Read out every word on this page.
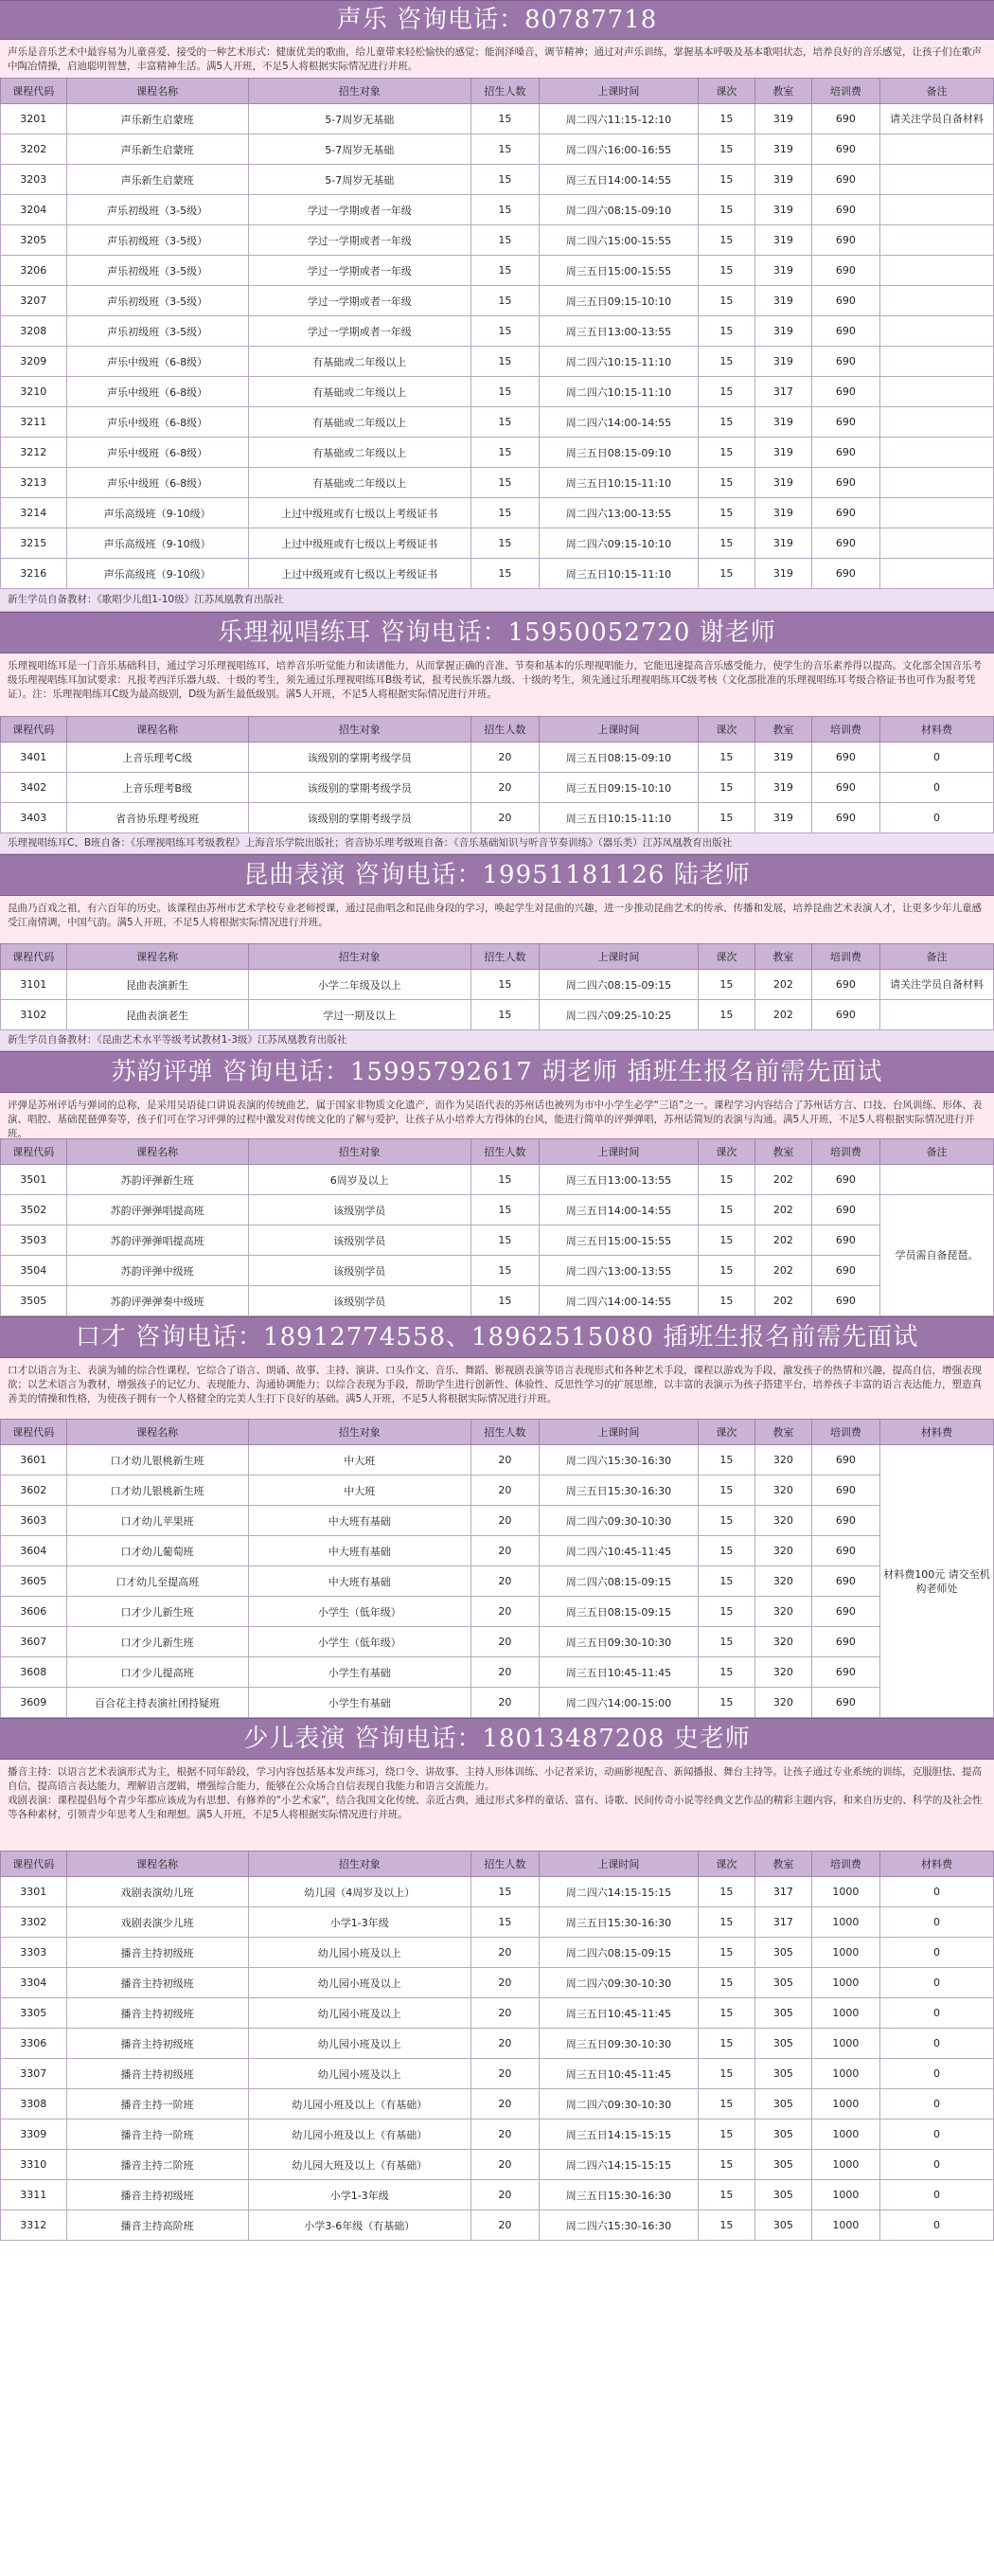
声乐 咨询电话：80787718
声乐是音乐艺术中最容易为儿童喜爱、接受的一种艺术形式：健康优美的歌曲，给儿童带来轻松愉快的感觉；能润泽嗓音，调节精神；通过对声乐训练，掌握基本呼吸及基本歌唱状态，培养良好的音乐感觉，让孩子们在歌声中陶冶情操，启迪聪明智慧，丰富精神生活。满5人开班，不足5人将根据实际情况进行并班。
课程代码	课程名称	招生对象	招生人数	上课时间	课次	教室	培训费	备注
3201	声乐新生启蒙班	5-7周岁无基础	15	周二四六11:15-12:10	15	319	690	请关注学员自备材料
3202	声乐新生启蒙班	5-7周岁无基础	15	周二四六16:00-16:55	15	319	690	
3203	声乐新生启蒙班	5-7周岁无基础	15	周三五日14:00-14:55	15	319	690	
3204	声乐初级班（3-5级）	学过一学期或者一年级	15	周二四六08:15-09:10	15	319	690	
3205	声乐初级班（3-5级）	学过一学期或者一年级	15	周二四六15:00-15:55	15	319	690	
3206	声乐初级班（3-5级）	学过一学期或者一年级	15	周三五日15:00-15:55	15	319	690	
3207	声乐初级班（3-5级）	学过一学期或者一年级	15	周三五日09:15-10:10	15	319	690	
3208	声乐初级班（3-5级）	学过一学期或者一年级	15	周三五日13:00-13:55	15	319	690	
3209	声乐中级班（6-8级）	有基础或二年级以上	15	周二四六10:15-11:10	15	319	690	
3210	声乐中级班（6-8级）	有基础或二年级以上	15	周二四六10:15-11:10	15	317	690	
3211	声乐中级班（6-8级）	有基础或二年级以上	15	周二四六14:00-14:55	15	319	690	
3212	声乐中级班（6-8级）	有基础或二年级以上	15	周三五日08:15-09:10	15	319	690	
3213	声乐中级班（6-8级）	有基础或二年级以上	15	周三五日10:15-11:10	15	319	690	
3214	声乐高级班（9-10级）	上过中级班或有七级以上考级证书	15	周二四六13:00-13:55	15	319	690	
3215	声乐高级班（9-10级）	上过中级班或有七级以上考级证书	15	周二四六09:15-10:10	15	319	690	
3216	声乐高级班（9-10级）	上过中级班或有七级以上考级证书	15	周三五日10:15-11:10	15	319	690	
新生学员自备教材：《歌唱少儿组1-10级》江苏凤凰教育出版社
乐理视唱练耳 咨询电话：15950052720 谢老师
乐理视唱练耳是一门音乐基础科目，通过学习乐理视唱练耳，培养音乐听觉能力和读谱能力，从而掌握正确的音准、节奏和基本的乐理视唱能力，它能迅速提高音乐感受能力，使学生的音乐素养得以提高。文化部全国音乐考级乐理视唱练耳加试要求：凡报考西洋乐器九级、十级的考生，须先通过乐理视唱练耳B级考试，报考民族乐器九级、十级的考生，须先通过乐理视唱练耳C级考核（文化部批准的乐理视唱练耳考级合格证书也可作为报考凭证）。注：乐理视唱练耳C级为最高级别，D级为新生最低级别。满5人开班，不足5人将根据实际情况进行并班。
课程代码	课程名称	招生对象	招生人数	上课时间	课次	教室	培训费	材料费
3401	上音乐理考C级	该级别的掌期考级学员	20	周三五日08:15-09:10	15	319	690	0
3402	上音乐理考B级	该级别的掌期考级学员	20	周三五日09:15-10:10	15	319	690	0
3403	省音协乐理考级班	该级别的掌期考级学员	20	周三五日10:15-11:10	15	319	690	0
乐理视唱练耳C、B班自备：《乐理视唱练耳考级教程》上海音乐学院出版社；省音协乐理考级班自备：《音乐基础知识与听音节奏训练》（器乐类）江苏凤凰教育出版社
昆曲表演 咨询电话：19951181126 陆老师
昆曲乃百戏之祖，有六百年的历史。该课程由苏州市艺术学校专业老师授课，通过昆曲唱念和昆曲身段的学习，唤起学生对昆曲的兴趣，进一步推动昆曲艺术的传承、传播和发展，培养昆曲艺术表演人才，让更多少年儿童感受江南情调，中国气韵。满5人开班，不足5人将根据实际情况进行并班。
课程代码	课程名称	招生对象	招生人数	上课时间	课次	教室	培训费	备注
3101	昆曲表演新生	小学二年级及以上	15	周二四六08:15-09:15	15	202	690	请关注学员自备材料
3102	昆曲表演老生	学过一期及以上	15	周二四六09:25-10:25	15	202	690	
新生学员自备教材：《昆曲艺术水平等级考试教材1-3级》江苏凤凰教育出版社
苏韵评弹 咨询电话：15995792617 胡老师 插班生报名前需先面试
评弹是苏州评话与弹词的总称，是采用吴语徒口讲说表演的传统曲艺，属于国家非物质文化遗产，而作为吴语代表的苏州话也被列为市中小学生必学“三语”之一。课程学习内容结合了苏州话方言、口技、台风训练、形体、表演、唱腔、基础琵琶弹奏等，孩子们可在学习评弹的过程中激发对传统文化的了解与爱护，让孩子从小培养大方得体的台风，能进行简单的评弹弹唱，苏州话简短的表演与沟通。满5人开班，不足5人将根据实际情况进行并班。
课程代码	课程名称	招生对象	招生人数	上课时间	课次	教室	培训费	备注
3501	苏韵评弹新生班	6周岁及以上	15	周三五日13:00-13:55	15	202	690	
3502	苏韵评弹弹唱提高班	该级别学员	15	周三五日14:00-14:55	15	202	690	学员需自备琵琶。
3503	苏韵评弹弹唱提高班	该级别学员	15	周三五日15:00-15:55	15	202	690	
3504	苏韵评弹中级班	该级别学员	15	周二四六13:00-13:55	15	202	690	
3505	苏韵评弹弹奏中级班	该级别学员	15	周二四六14:00-14:55	15	202	690	
口才 咨询电话：18912774558、18962515080 插班生报名前需先面试
口才以语言为主、表演为辅的综合性课程，它综合了语言、朗诵、故事、主持、演讲、口头作文、音乐、舞蹈、影视剧表演等语言表现形式和各种艺术手段，课程以游戏为手段，激发孩子的热情和兴趣，提高自信，增强表现欲；以艺术语言为教材，增强孩子的记忆力、表现能力、沟通协调能力；以综合表现为手段，帮助学生进行创新性、体验性、反思性学习的扩展思维，以丰富的表演示为孩子搭建平台，培养孩子丰富的语言表达能力，塑造真善美的情操和性格，为使孩子拥有一个人格健全的完美人生打下良好的基础。满5人开班，不足5人将根据实际情况进行并班。
课程代码	课程名称	招生对象	招生人数	上课时间	课次	教室	培训费	材料费
3601	口才幼儿银桃新生班	中大班	20	周二四六15:30-16:30	15	320	690	材料费100元 请交至机构老师处
3602	口才幼儿银桃新生班	中大班	20	周三五日15:30-16:30	15	320	690	
3603	口才幼儿苹果班	中大班有基础	20	周二四六09:30-10:30	15	320	690	
3604	口才幼儿葡萄班	中大班有基础	20	周二四六10:45-11:45	15	320	690	
3605	口才幼儿至提高班	中大班有基础	20	周二四六08:15-09:15	15	320	690	
3606	口才少儿新生班	小学生（低年级）	20	周三五日08:15-09:15	15	320	690	
3607	口才少儿新生班	小学生（低年级）	20	周三五日09:30-10:30	15	320	690	
3608	口才少儿提高班	小学生有基础	20	周三五日10:45-11:45	15	320	690	
3609	百合花主持表演社团持疑班	小学生有基础	20	周二四六14:00-15:00	15	320	690	
少儿表演 咨询电话：18013487208 史老师
播音主持：以语言艺术表演形式为主，根据不同年龄段，学习内容包括基本发声练习，绕口令、讲故事、主持人形体训练、小记者采访，动画影视配音、新闻播报、舞台主持等。让孩子通过专业系统的训练，克服胆怯、提高自信，提高语言表达能力，理解语言逻辑，增强综合能力，能够在公众场合自信表现自我能力和语言交流能力。
戏剧表演：课程提倡每个青少年都应该成为有思想、有修养的“小艺术家”，结合我国文化传统、亲近古典，通过形式多样的童话、富有、诗歌、民间传奇小说等经典文艺作品的精彩主题内容，和来自历史的、科学的及社会性等各种素材，引领青少年思考人生和理想。满5人开班，不足5人将根据实际情况进行并班。
课程代码	课程名称	招生对象	招生人数	上课时间	课次	教室	培训费	材料费
3301	戏剧表演幼儿班	幼儿园（4周岁及以上）	15	周二四六14:15-15:15	15	317	1000	0
3302	戏剧表演少儿班	小学1-3年级	15	周三五日15:30-16:30	15	317	1000	0
3303	播音主持初级班	幼儿园小班及以上	20	周二四六08:15-09:15	15	305	1000	0
3304	播音主持初级班	幼儿园小班及以上	20	周二四六09:30-10:30	15	305	1000	0
3305	播音主持初级班	幼儿园小班及以上	20	周三五日10:45-11:45	15	305	1000	0
3306	播音主持初级班	幼儿园小班及以上	20	周三五日09:30-10:30	15	305	1000	0
3307	播音主持初级班	幼儿园小班及以上	20	周三五日10:45-11:45	15	305	1000	0
3308	播音主持一阶班	幼儿园小班及以上（有基础）	20	周二四六09:30-10:30	15	305	1000	0
3309	播音主持一阶班	幼儿园小班及以上（有基础）	20	周三五日14:15-15:15	15	305	1000	0
3310	播音主持二阶班	幼儿园大班及以上（有基础）	20	周二四六14:15-15:15	15	305	1000	0
3311	播音主持初级班	小学1-3年级	20	周三五日15:30-16:30	15	305	1000	0
3312	播音主持高阶班	小学3-6年级（有基础）	20	周二四六15:30-16:30	15	305	1000	0
